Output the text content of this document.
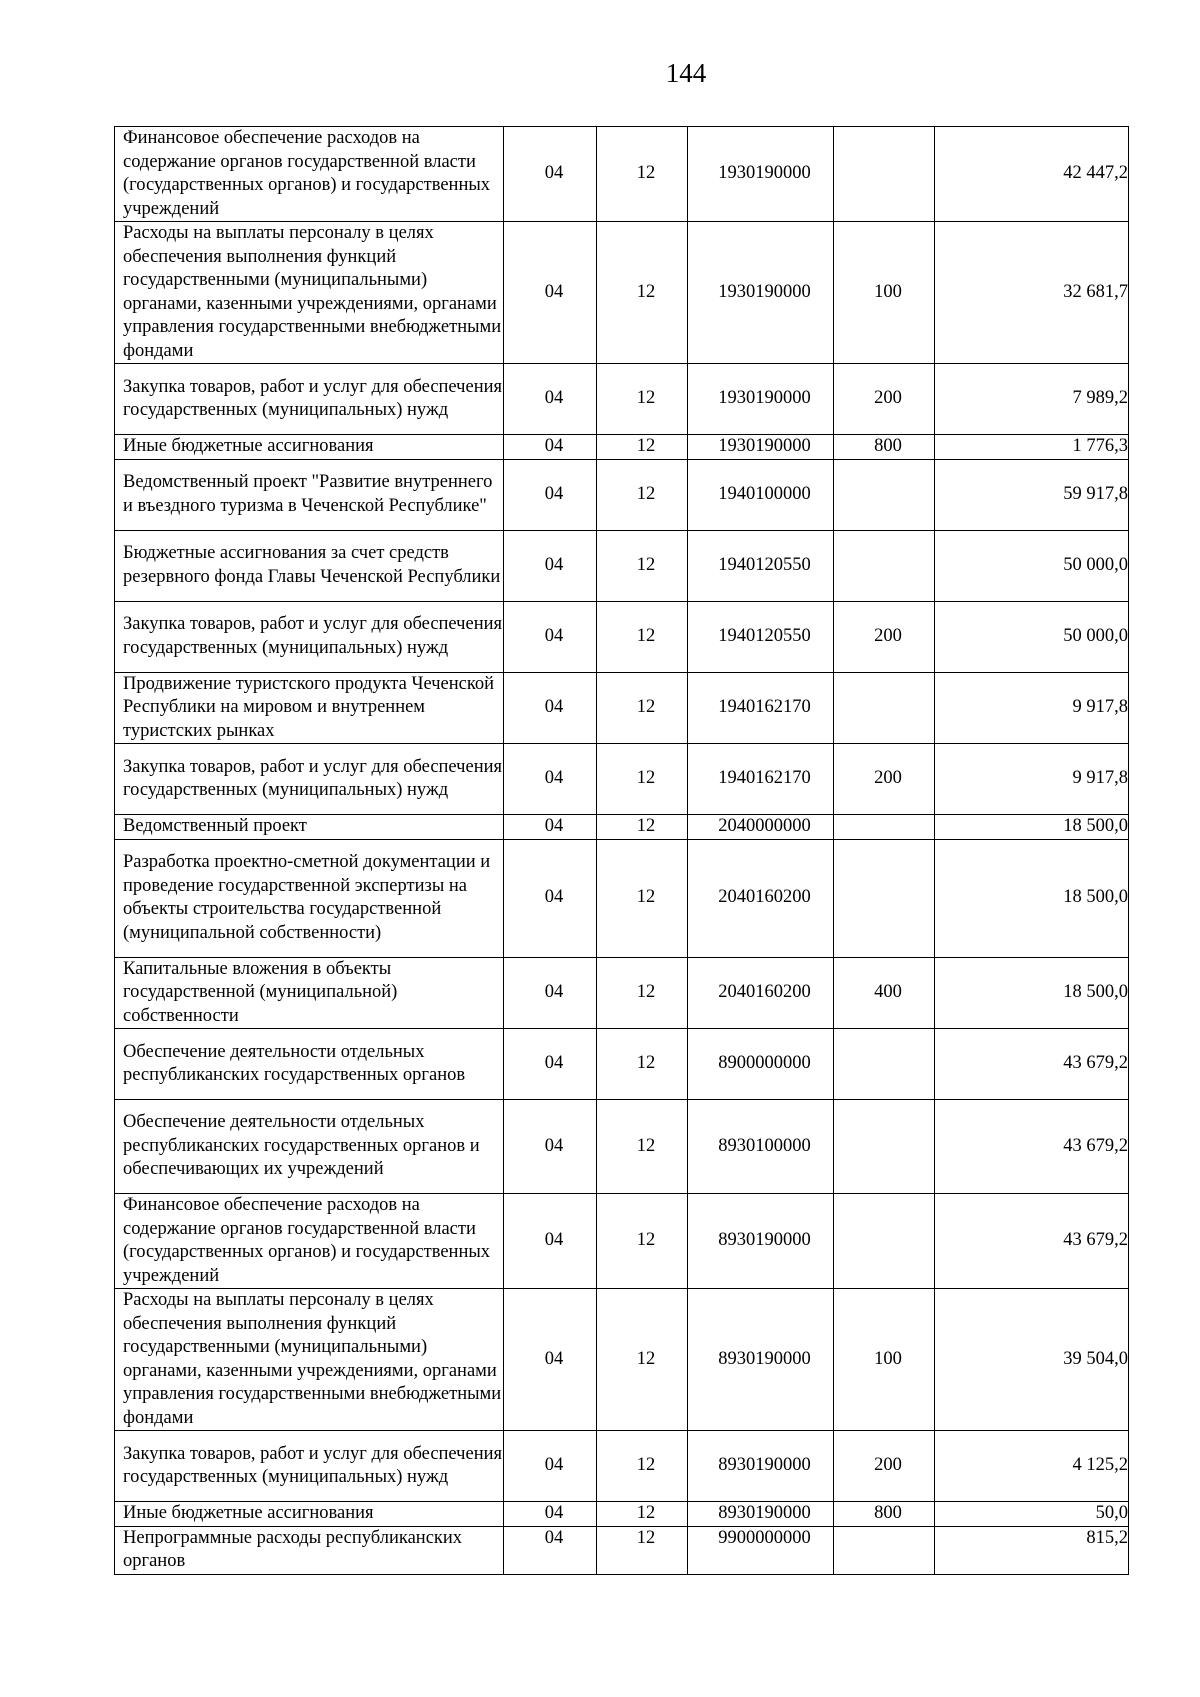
144
Финансовое обеспечение расходов на содержание органов государственной власти (государственных органов) и государственных учреждений	04	12	1930190000		42 447,2
Расходы на выплаты персоналу в целях обеспечения выполнения функций государственными (муниципальными) органами, казенными учреждениями, органами управления государственными внебюджетными фондами	04	12	1930190000	100	32 681,7
Закупка товаров, работ и услуг для обеспечения государственных (муниципальных) нужд	04	12	1930190000	200	7 989,2
Иные бюджетные ассигнования	04	12	1930190000	800	1 776,3
Ведомственный проект "Развитие внутреннего и въездного туризма в Чеченской Республике"	04	12	1940100000		59 917,8
Бюджетные ассигнования за счет средств резервного фонда Главы Чеченской Республики	04	12	1940120550		50 000,0
Закупка товаров, работ и услуг для обеспечения государственных (муниципальных) нужд	04	12	1940120550	200	50 000,0
Продвижение туристского продукта Чеченской Республики на мировом и внутреннем туристских рынках	04	12	1940162170		9 917,8
Закупка товаров, работ и услуг для обеспечения государственных (муниципальных) нужд	04	12	1940162170	200	9 917,8
Ведомственный проект	04	12	2040000000		18 500,0
Разработка проектно-сметной документации и проведение государственной экспертизы на объекты строительства государственной (муниципальной собственности)	04	12	2040160200		18 500,0
Капитальные вложения в объекты государственной (муниципальной) собственности	04	12	2040160200	400	18 500,0
Обеспечение деятельности отдельных республиканских государственных органов	04	12	8900000000		43 679,2
Обеспечение деятельности отдельных республиканских государственных органов и обеспечивающих их учреждений	04	12	8930100000		43 679,2
Финансовое обеспечение расходов на содержание органов государственной власти (государственных органов) и государственных учреждений	04	12	8930190000		43 679,2
Расходы на выплаты персоналу в целях обеспечения выполнения функций государственными (муниципальными) органами, казенными учреждениями, органами управления государственными внебюджетными фондами	04	12	8930190000	100	39 504,0
Закупка товаров, работ и услуг для обеспечения государственных (муниципальных) нужд	04	12	8930190000	200	4 125,2
Иные бюджетные ассигнования	04	12	8930190000	800	50,0
Непрограммные расходы республиканских органов	04	12	9900000000		815,2
